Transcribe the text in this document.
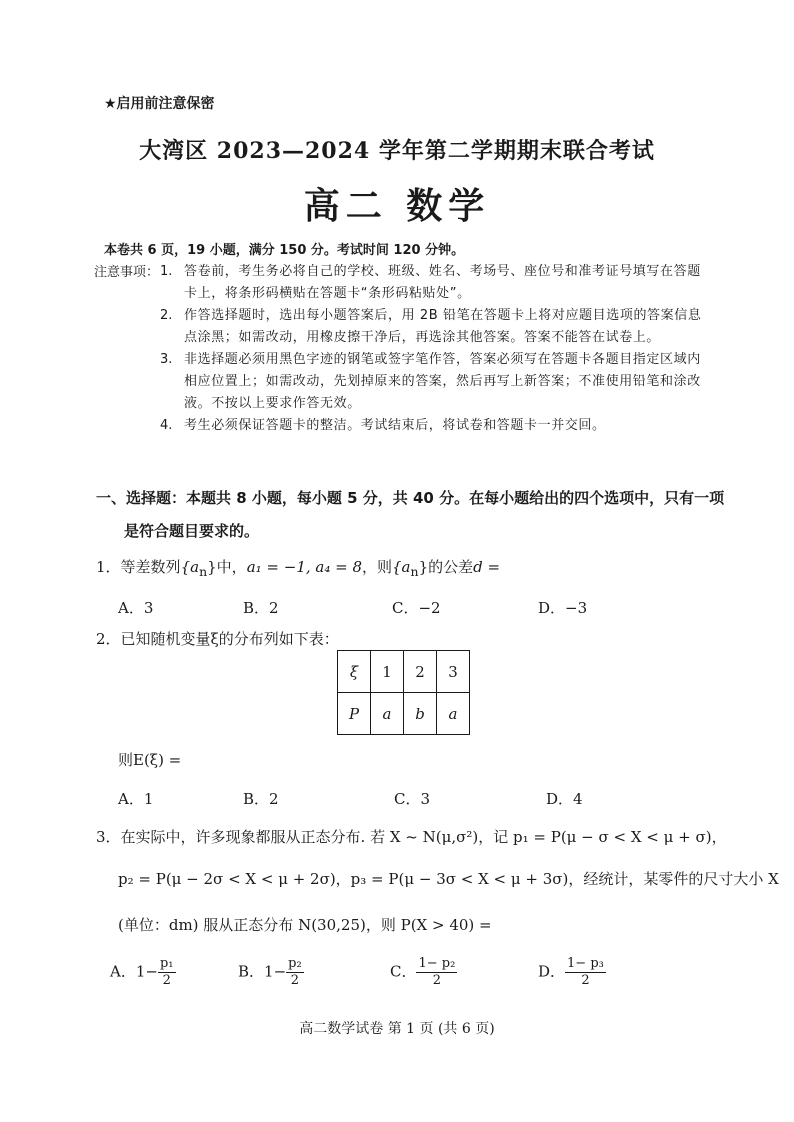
★启用前注意保密
大湾区 2023—2024 学年第二学期期末联合考试
高二 数学
本卷共 6 页，19 小题，满分 150 分。考试时间 120 分钟。
注意事项： 1. 答卷前，考生务必将自己的学校、班级、姓名、考场号、座位号和准考证号填写在答题卡上，将条形码横贴在答题卡“条形码粘贴处”。
2. 作答选择题时，选出每小题答案后，用 2B 铅笔在答题卡上将对应题目选项的答案信息点涂黑；如需改动，用橡皮擦干净后，再选涂其他答案。答案不能答在试卷上。
3. 非选择题必须用黑色字迹的钢笔或签字笔作答，答案必须写在答题卡各题目指定区域内相应位置上；如需改动，先划掉原来的答案，然后再写上新答案；不准使用铅笔和涂改液。不按以上要求作答无效。
4. 考生必须保证答题卡的整洁。考试结束后，将试卷和答题卡一并交回。
一、选择题：本题共 8 小题，每小题 5 分，共 40 分。在每小题给出的四个选项中，只有一项
是符合题目要求的。
1．等差数列$\{a_n\}$中，a₁ = −1, a₄ = 8，则$\{a_n\}$的公差d =
A．3	B．2	C．−2	D．−3
2．已知随机变量ξ的分布列如下表：
ξ	1	2	3
P	a	b	a
则E(ξ) =
A．1	B．2	C．3	D．4
3．在实际中，许多现象都服从正态分布. 若 X ~ N(μ,σ²)，记 p₁ = P(μ − σ < X < μ + σ)，
p₂ = P(μ − 2σ < X < μ + 2σ)，p₃ = P(μ − 3σ < X < μ + 3σ)，经统计，某零件的尺寸大小 X
(单位：dm) 服从正态分布 N(30,25)，则 P(X > 40) =
A．$1- \frac{\text{p₁}}{2}$	B．$1- \frac{\text{p₂}}{2}$	C． $\frac{\text{1− p₂}}{2}$	D． $\frac{\text{1− p₃}}{2}$
高二数学试卷 第 1 页 (共 6 页)
